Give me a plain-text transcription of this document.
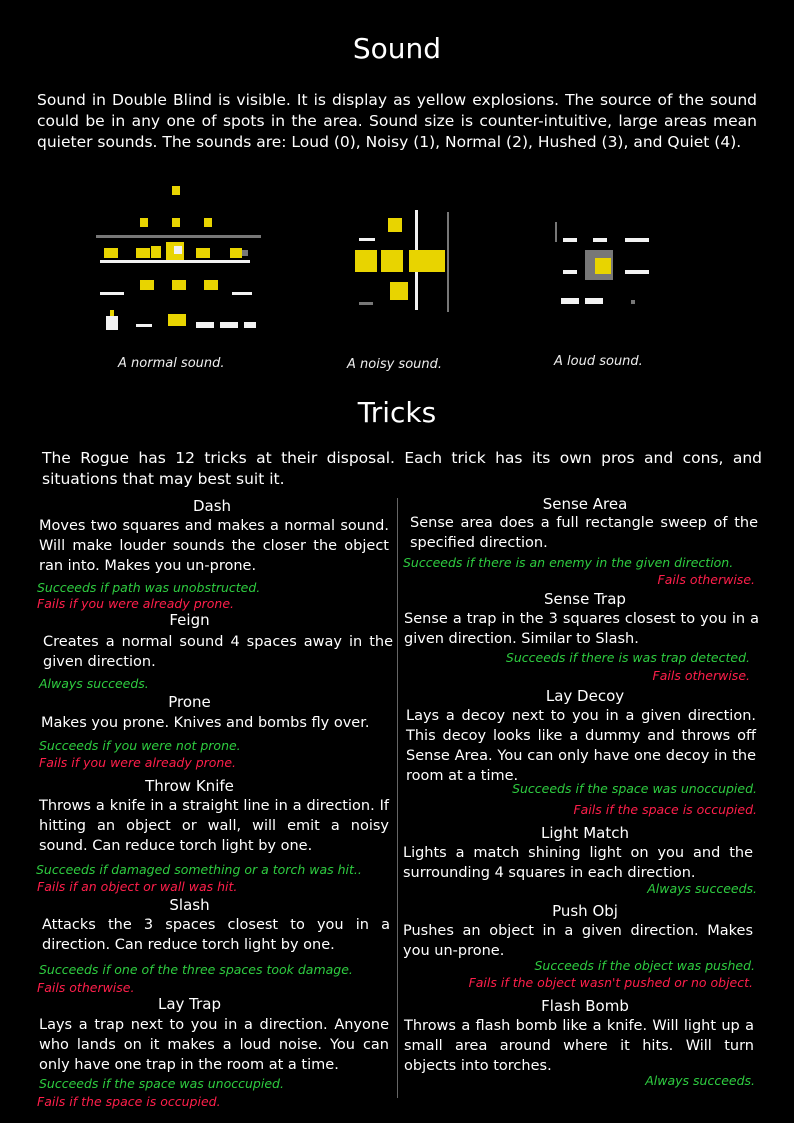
Sound
Sound in Double Blind is visible. It is display as yellow explosions. The source of the sound could be in any one of spots in the area. Sound size is counter-intuitive, large areas mean quieter sounds. The sounds are: Loud (0), Noisy (1), Normal (2), Hushed (3), and Quiet (4).
A normal sound.	A noisy sound.	A loud sound.
Tricks
The Rogue has 12 tricks at their disposal. Each trick has its own pros and cons, and situations that may best suit it.
Dash
Moves two squares and makes a normal sound. Will make louder sounds the closer the object ran into. Makes you un-prone.
Succeeds if path was unobstructed.
Fails if you were already prone.
Feign
Creates a normal sound 4 spaces away in the given direction.
Always succeeds.
Prone
Makes you prone. Knives and bombs fly over.
Succeeds if you were not prone.
Fails if you were already prone.
Throw Knife
Throws a knife in a straight line in a direction. If hitting an object or wall, will emit a noisy sound. Can reduce torch light by one.
Succeeds if damaged something or a torch was hit..
Fails if an object or wall was hit.
Slash
Attacks the 3 spaces closest to you in a direction. Can reduce torch light by one.
Succeeds if one of the three spaces took damage.
Fails otherwise.
Lay Trap
Lays a trap next to you in a direction. Anyone who lands on it makes a loud noise. You can only have one trap in the room at a time.
Succeeds if the space was unoccupied.
Fails if the space is occupied.
Sense Area
Sense area does a full rectangle sweep of the specified direction.
Succeeds if there is an enemy in the given direction.
Fails otherwise.
Sense Trap
Sense a trap in the 3 squares closest to you in a given direction. Similar to Slash.
Succeeds if there is was trap detected.
Fails otherwise.
Lay Decoy
Lays a decoy next to you in a given direction. This decoy looks like a dummy and throws off Sense Area. You can only have one decoy in the room at a time.
Succeeds if the space was unoccupied.
Fails if the space is occupied.
Light Match
Lights a match shining light on you and the surrounding 4 squares in each direction.
Always succeeds.
Push Obj
Pushes an object in a given direction. Makes you un-prone.
Succeeds if the object was pushed.
Fails if the object wasn't pushed or no object.
Flash Bomb
Throws a flash bomb like a knife. Will light up a small area around where it hits. Will turn objects into torches.
Always succeeds.
